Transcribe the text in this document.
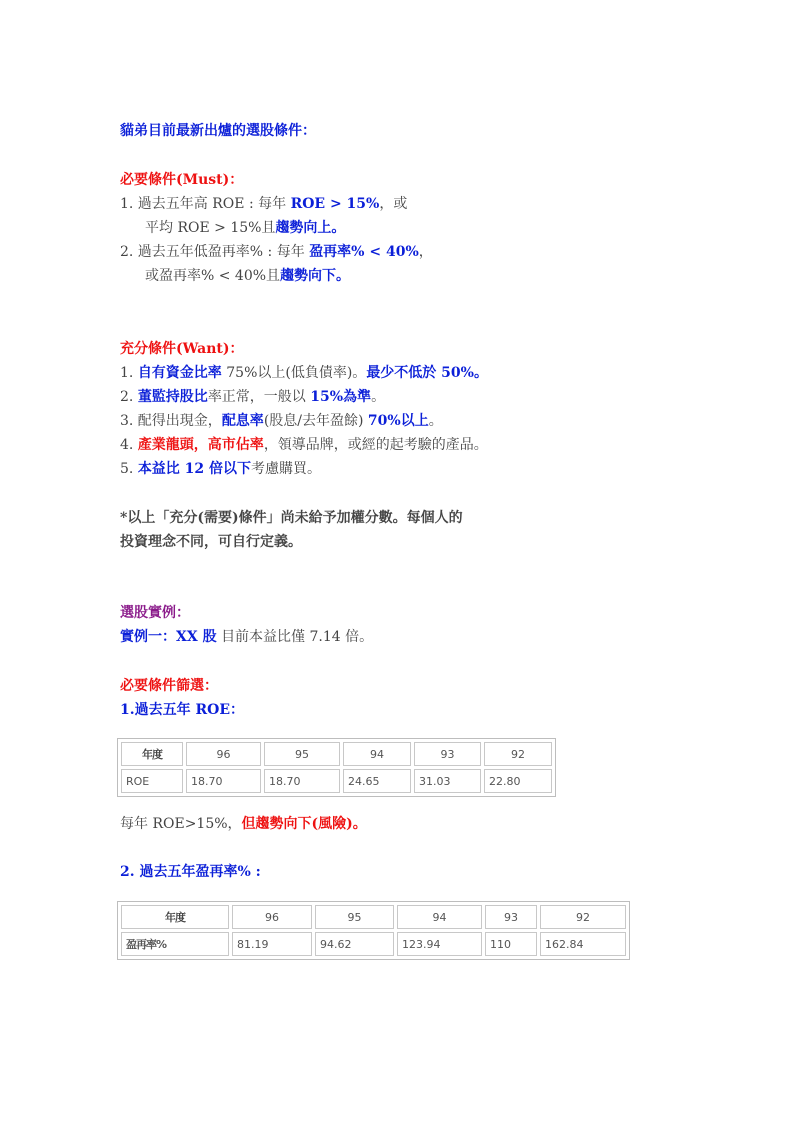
貓弟目前最新出爐的選股條件：
必要條件(Must)：
1. 過去五年高 ROE : 每年 ROE > 15%，或
平均 ROE > 15%且趨勢向上。
2. 過去五年低盈再率% : 每年 盈再率% < 40%，
或盈再率% < 40%且趨勢向下。
充分條件(Want)：
1. 自有資金比率 75%以上(低負債率)。最少不低於 50%。
2. 董監持股比率正常，一般以 15%為準。
3. 配得出現金，配息率(股息/去年盈餘) 70%以上。
4. 產業龍頭，高市佔率，領導品牌，或經的起考驗的產品。
5. 本益比 12 倍以下考慮購買。
*以上「充分(需要)條件」尚未給予加權分數。每個人的
投資理念不同，可自行定義。
選股實例：
實例一：XX 股 目前本益比僅 7.14 倍。
必要條件篩選：
1.過去五年 ROE：
年度	96	95	94	93	92
ROE	18.70	18.70	24.65	31.03	22.80
每年 ROE>15%，但趨勢向下(風險)。
2. 過去五年盈再率% :
年度	96	95	94	93	92
盈再率%	81.19	94.62	123.94	110	162.84
